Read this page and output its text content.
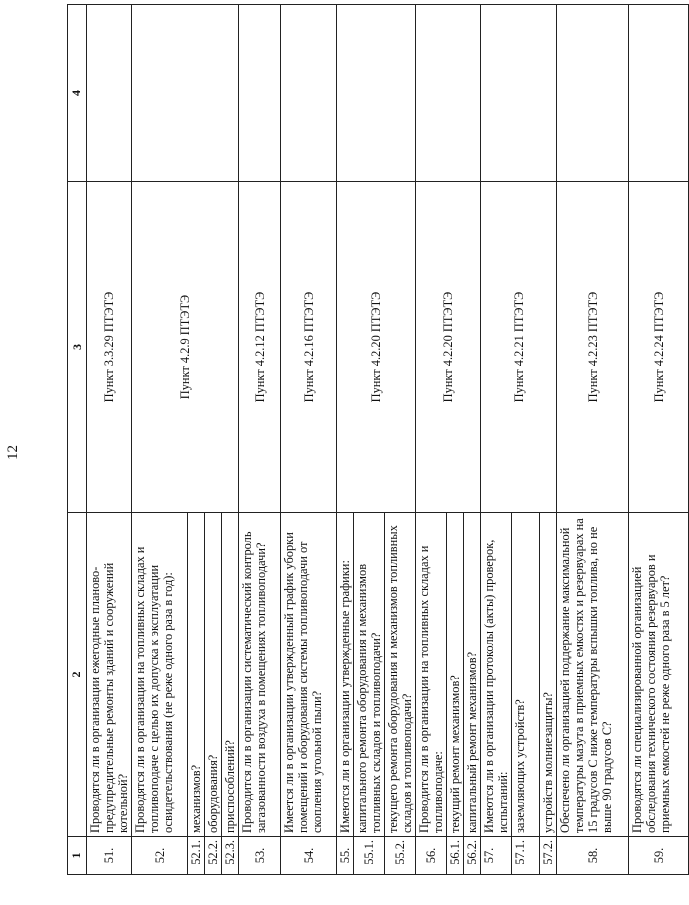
12
1	2	3	4
51.	Проводятся ли в организации ежегодные планово-предупредительные ремонты зданий и сооружений котельной?	Пункт 3.3.29 ПТЭТЭ	
52.	Проводятся ли в организации на топливных складах и топливоподаче с целью их допуска к эксплуатации освидетельствования (не реже одного раза в год):	Пункт 4.2.9 ПТЭТЭ	
52.1.	механизмов?		
52.2.	оборудования?		
52.3.	приспособлений?		
53.	Проводится ли в организации систематический контроль загазованности воздуха в помещениях топливоподачи?	Пункт 4.2.12 ПТЭТЭ	
54.	Имеется ли в организации утвержденный график уборки помещений и оборудования системы топливоподачи от скопления угольной пыли?	Пункт 4.2.16 ПТЭТЭ	
55.	Имеются ли в организации утвержденные графики:	Пункт 4.2.20 ПТЭТЭ	
55.1.	капитального ремонта оборудования и механизмов топливных складов и топливоподачи?		
55.2.	текущего ремонта оборудования и механизмов топливных складов и топливоподачи?		
56.	Проводится ли в организации на топливных складах и топливоподаче:	Пункт 4.2.20 ПТЭТЭ	
56.1.	текущий ремонт механизмов?		
56.2.	капитальный ремонт механизмов?		
57.	Имеются ли в организации протоколы (акты) проверок, испытаний:	Пункт 4.2.21 ПТЭТЭ	
57.1.	заземляющих устройств?		
57.2.	устройств молниезащиты?		
58.	Обеспечено ли организацией поддержание максимальной температуры мазута в приемных емкостях и резервуарах на 15 градусов С ниже температуры вспышки топлива, но не выше 90 градусов С?	Пункт 4.2.23 ПТЭТЭ	
59.	Проводятся ли специализированной организацией обследования технического состояния резервуаров и приемных емкостей не реже одного раза в 5 лет?	Пункт 4.2.24 ПТЭТЭ	
